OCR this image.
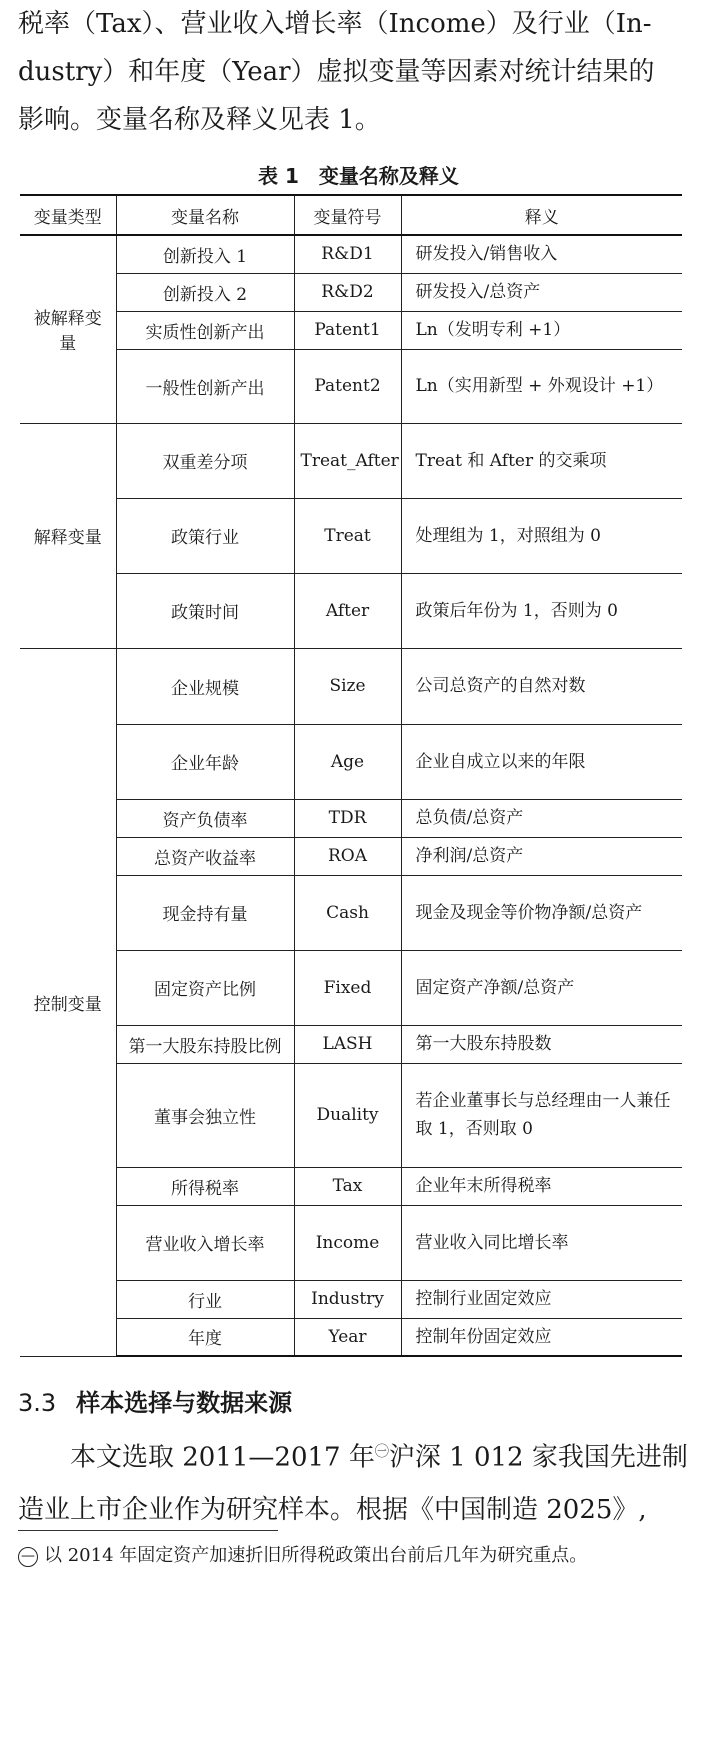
税率（Tax）、营业收入增长率（Income）及行业（In-

dustry）和年度（Year）虚拟变量等因素对统计结果的

影响。变量名称及释义见表 1。

表 1　变量名称及释义
变量类型	变量名称	变量符号	释义
被解释变量	创新投入 1	R&D1	研发投入/销售收入
	创新投入 2	R&D2	研发投入/总资产
	实质性创新产出	Patent1	Ln（发明专利 +1）
	一般性创新产出	Patent2	Ln（实用新型 + 外观设计 +1）
解释变量	双重差分项	Treat_After	Treat 和 After 的交乘项
	政策行业	Treat	处理组为 1，对照组为 0
	政策时间	After	政策后年份为 1，否则为 0
控制变量	企业规模	Size	公司总资产的自然对数
	企业年龄	Age	企业自成立以来的年限
	资产负债率	TDR	总负债/总资产
	总资产收益率	ROA	净利润/总资产
	现金持有量	Cash	现金及现金等价物净额/总资产
	固定资产比例	Fixed	固定资产净额/总资产
	第一大股东持股比例	LASH	第一大股东持股数
	董事会独立性	Duality	若企业董事长与总经理由一人兼任取 1，否则取 0
	所得税率	Tax	企业年末所得税率
	营业收入增长率	Income	营业收入同比增长率
	行业	Industry	控制行业固定效应
	年度	Year	控制年份固定效应
3.3 样本选择与数据来源

本文选取 2011—2017 年$^㊀$沪深 1 012 家我国先进制

造业上市企业作为研究样本。根据《中国制造 2025》,

— 以 2014 年固定资产加速折旧所得税政策出台前后几年为研究重点。
